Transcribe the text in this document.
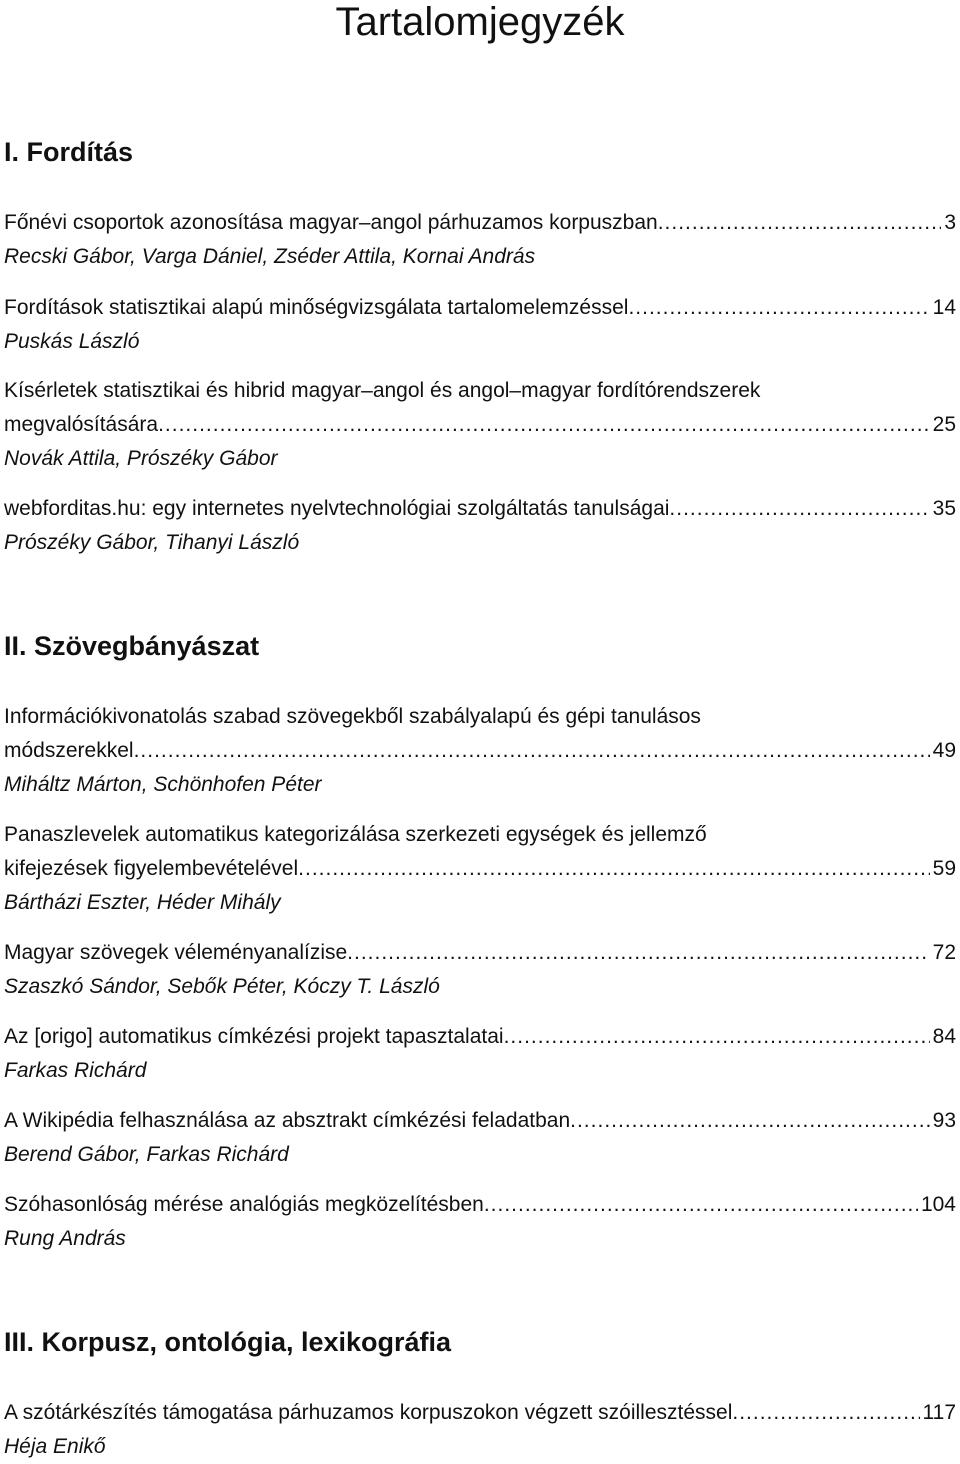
Tartalomjegyzék
I. Fordítás
Főnévi csoportok azonosítása magyar–angol párhuzamos korpuszban .....	3
Recski Gábor, Varga Dániel, Zséder Attila, Kornai András
Fordítások statisztikai alapú minőségvizsgálata tartalomelemzéssel .....	14
Puskás László
Kísérletek statisztikai és hibrid magyar–angol és angol–magyar fordítórendszerek
megvalósítására .....	25
Novák Attila, Prószéky Gábor
webforditas.hu: egy internetes nyelvtechnológiai szolgáltatás tanulságai .....	35
Prószéky Gábor, Tihanyi László
II. Szövegbányászat
Információkivonatolás szabad szövegekből szabályalapú és gépi tanulásos
módszerekkel .....	49
Miháltz Márton, Schönhofen Péter
Panaszlevelek automatikus kategorizálása szerkezeti egységek és jellemző
kifejezések figyelembevételével .....	59
Bártházi Eszter, Héder Mihály
Magyar szövegek véleményanalízise .....	72
Szaszkó Sándor, Sebők Péter, Kóczy T. László
Az [origo] automatikus címkézési projekt tapasztalatai .....	84
Farkas Richárd
A Wikipédia felhasználása az absztrakt címkézési feladatban .....	93
Berend Gábor, Farkas Richárd
Szóhasonlóság mérése analógiás megközelítésben .....	104
Rung András
III. Korpusz, ontológia, lexikográfia
A szótárkészítés támogatása párhuzamos korpuszokon végzett szóillesztéssel .....	117
Héja Enikő
